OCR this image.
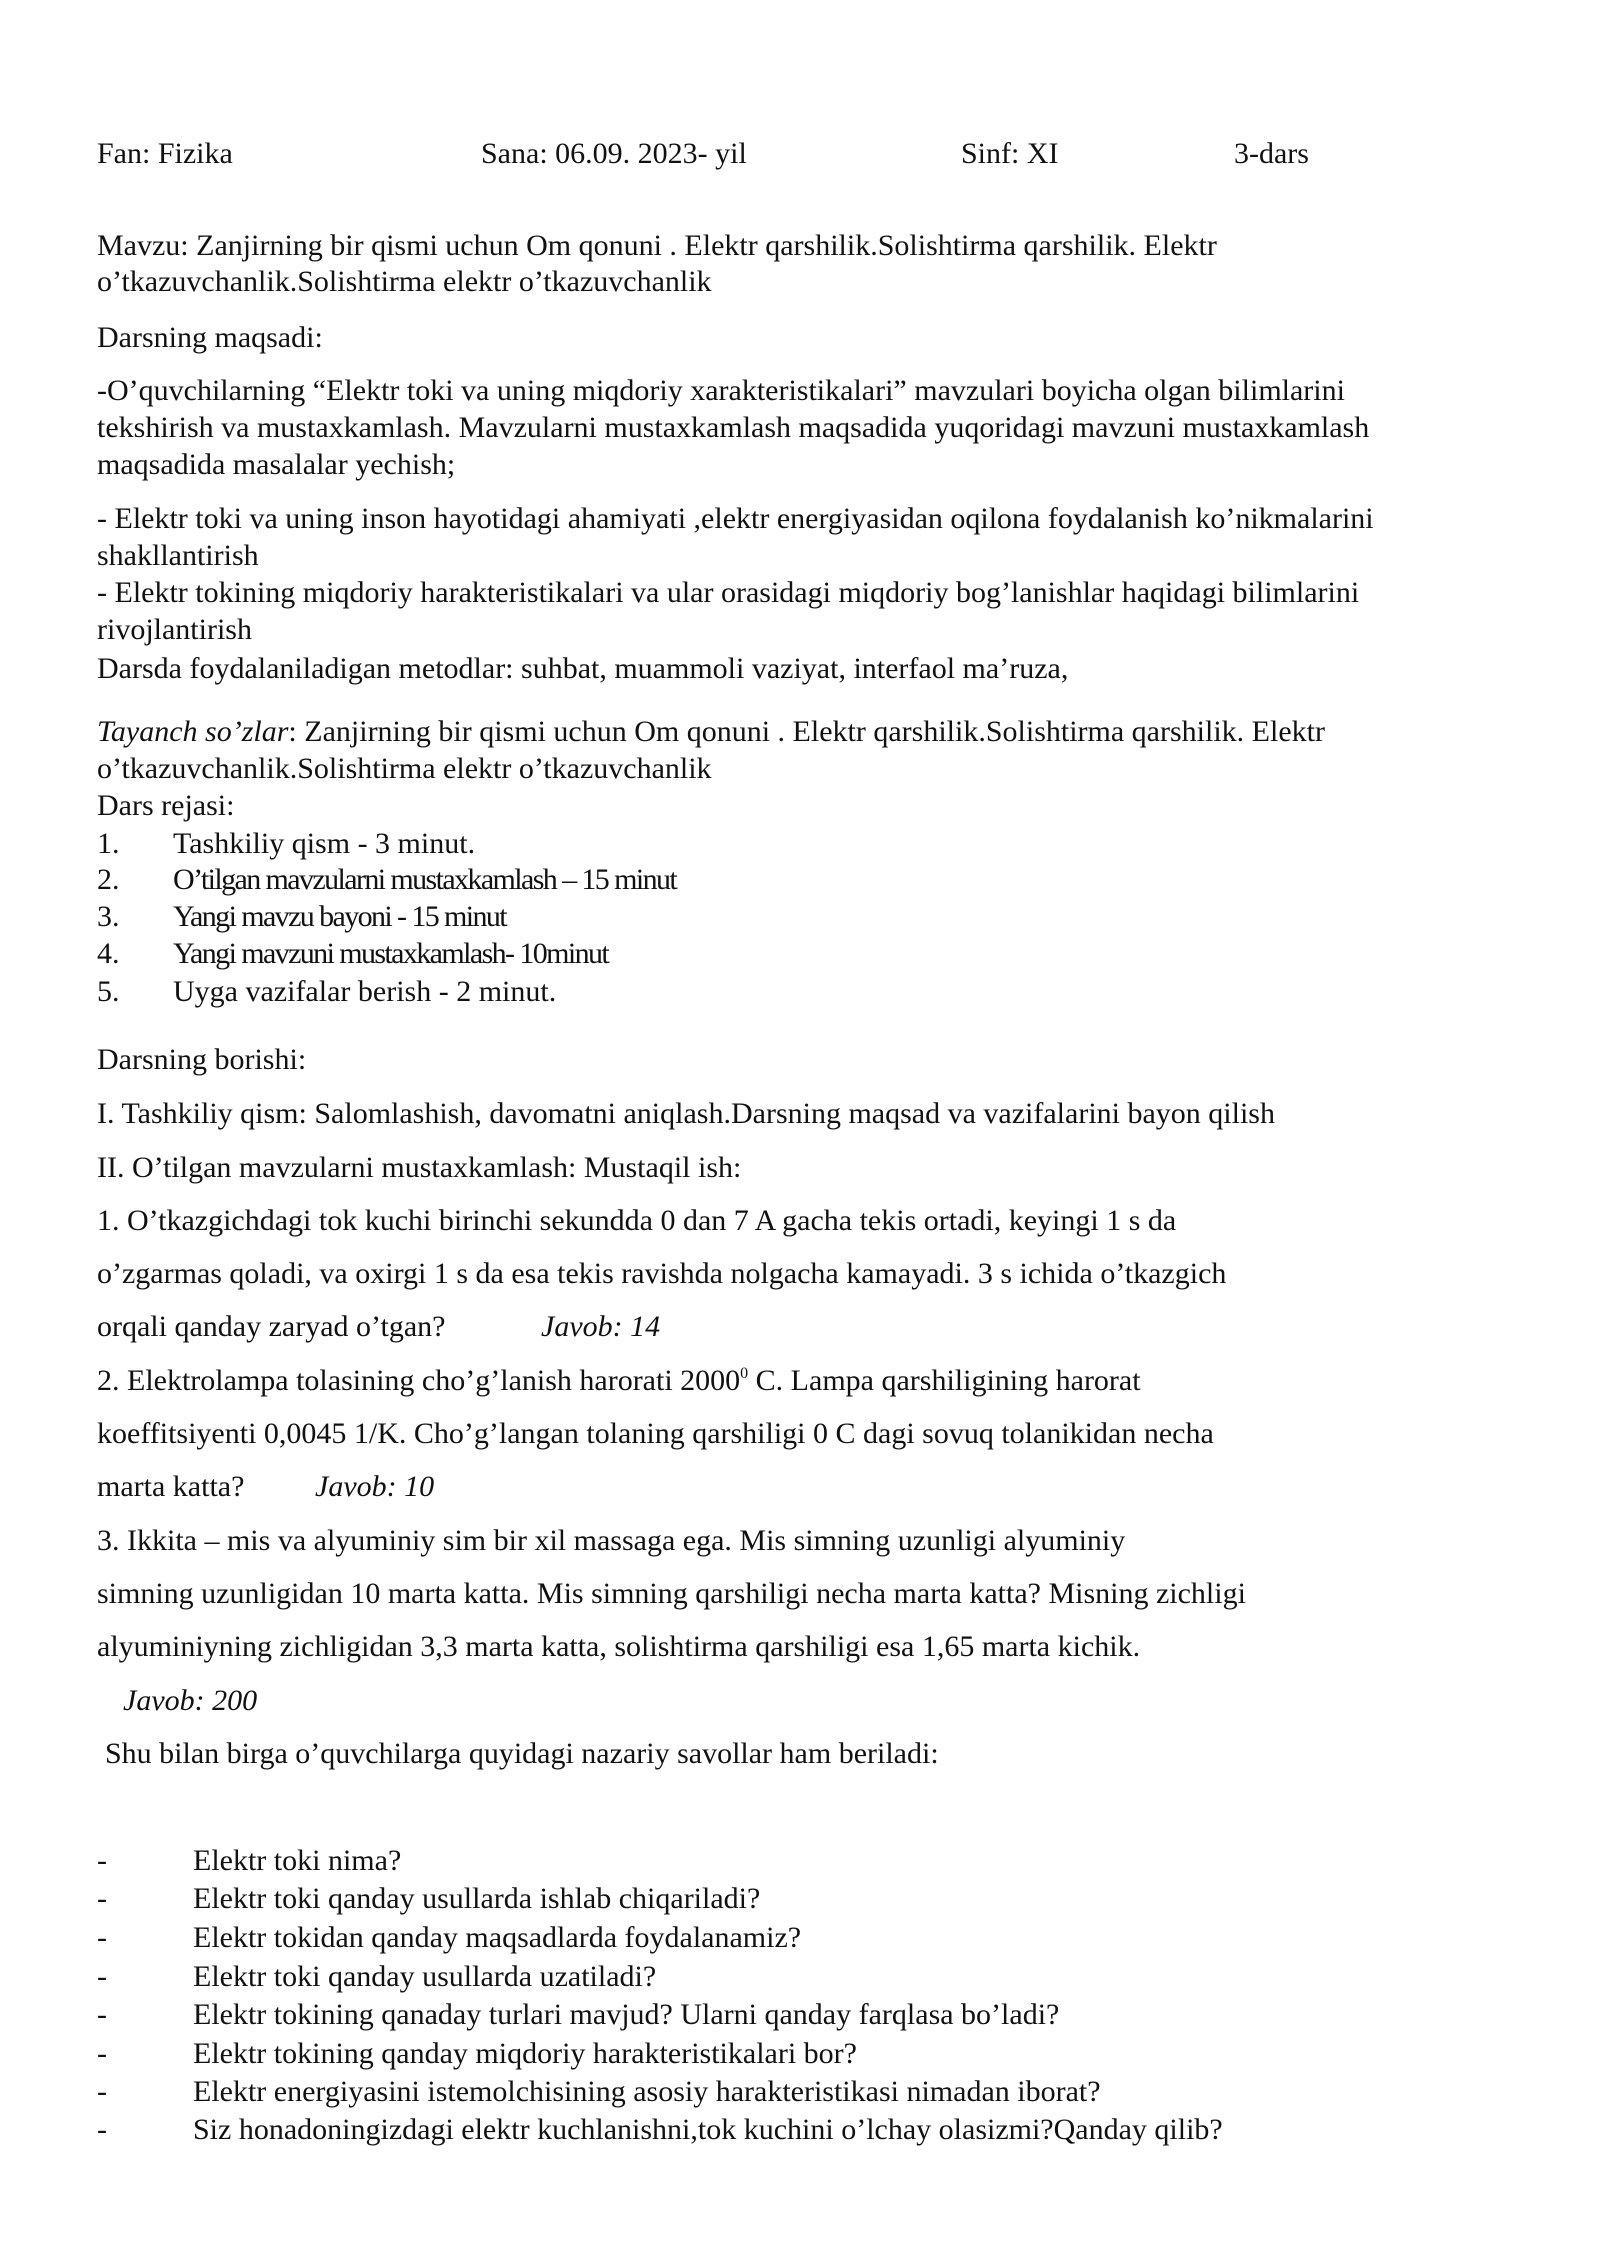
Fan: Fizika	Sana: 06.09. 2023- yil	Sinf: XI	3-dars
Mavzu: Zanjirning bir qismi uchun Om qonuni . Elektr qarshilik.Solishtirma qarshilik. Elektr
o’tkazuvchanlik.Solishtirma elektr o’tkazuvchanlik
Darsning maqsadi:
-O’quvchilarning “Elektr toki va uning miqdoriy xarakteristikalari” mavzulari boyicha olgan bilimlarini
tekshirish va mustaxkamlash. Mavzularni mustaxkamlash maqsadida yuqoridagi mavzuni mustaxkamlash
maqsadida masalalar yechish;
- Elektr toki va uning inson hayotidagi ahamiyati ,elektr energiyasidan oqilona foydalanish ko’nikmalarini
shakllantirish
- Elektr tokining miqdoriy harakteristikalari va ular orasidagi miqdoriy bog’lanishlar haqidagi bilimlarini
rivojlantirish
Darsda foydalaniladigan metodlar: suhbat, muammoli vaziyat, interfaol ma’ruza,
Tayanch so’zlar: Zanjirning bir qismi uchun Om qonuni . Elektr qarshilik.Solishtirma qarshilik. Elektr
o’tkazuvchanlik.Solishtirma elektr o’tkazuvchanlik
Dars rejasi:
1. Tashkiliy qism - 3 minut.
2. O’tilgan mavzularni mustaxkamlash – 15 minut
3. Yangi mavzu bayoni - 15 minut
4. Yangi mavzuni mustaxkamlash- 10minut
5. Uyga vazifalar berish - 2 minut.
Darsning borishi:
I. Tashkiliy qism: Salomlashish, davomatni aniqlash.Darsning maqsad va vazifalarini bayon qilish
II. O’tilgan mavzularni mustaxkamlash: Mustaqil ish:
1. O’tkazgichdagi tok kuchi birinchi sekundda 0 dan 7 A gacha tekis ortadi, keyingi 1 s da
o’zgarmas qoladi, va oxirgi 1 s da esa tekis ravishda nolgacha kamayadi. 3 s ichida o’tkazgich
orqali qanday zaryad o’tgan?	Javob: 14
2. Elektrolampa tolasining cho’g’lanish harorati 2000$^0$ C. Lampa qarshiligining harorat
koeffitsiyenti 0,0045 1/K. Cho’g’langan tolaning qarshiligi 0 C dagi sovuq tolanikidan necha
marta katta? Javob: 10
3. Ikkita – mis va alyuminiy sim bir xil massaga ega. Mis simning uzunligi alyuminiy
simning uzunligidan 10 marta katta. Mis simning qarshiligi necha marta katta? Misning zichligi
alyuminiyning zichligidan 3,3 marta katta, solishtirma qarshiligi esa 1,65 marta kichik.
Javob: 200
Shu bilan birga o’quvchilarga quyidagi nazariy savollar ham beriladi:
-	Elektr toki nima?
-	Elektr toki qanday usullarda ishlab chiqariladi?
-	Elektr tokidan qanday maqsadlarda foydalanamiz?
-	Elektr toki qanday usullarda uzatiladi?
-	Elektr tokining qanaday turlari mavjud? Ularni qanday farqlasa bo’ladi?
-	Elektr tokining qanday miqdoriy harakteristikalari bor?
-	Elektr energiyasini istemolchisining asosiy harakteristikasi nimadan iborat?
-	Siz honadoningizdagi elektr kuchlanishni,tok kuchini o’lchay olasizmi?Qanday qilib?
